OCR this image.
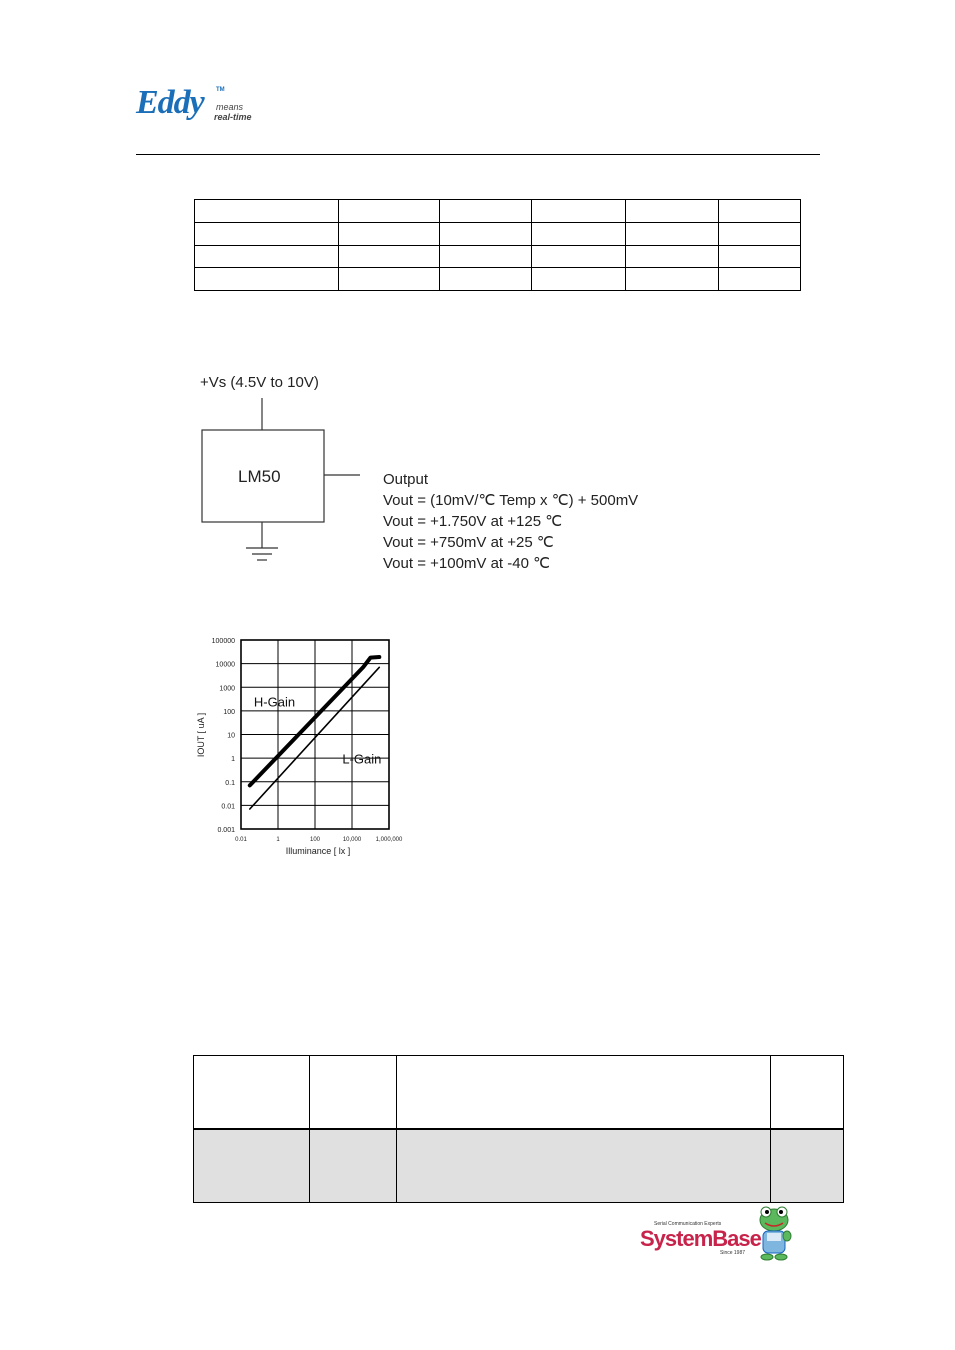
Eddy TM
means
real-time

+Vs (4.5V to 10V)
LM50	Output
Vout = (10mV/℃ Temp x ℃) + 500mV
Vout = +1.750V at +125 ℃
Vout = +750mV at +25 ℃
Vout = +100mV at -40 ℃
0.01	1	100	10,000 1,000,000
100000
10000
1000
100
10
1
0.1
0.01
0.001
H-Gain
L-Gain
IOUT [ uA ]
Illuminance [ lx ]

Serial Communication Experts
SystemBase
Since 1987
